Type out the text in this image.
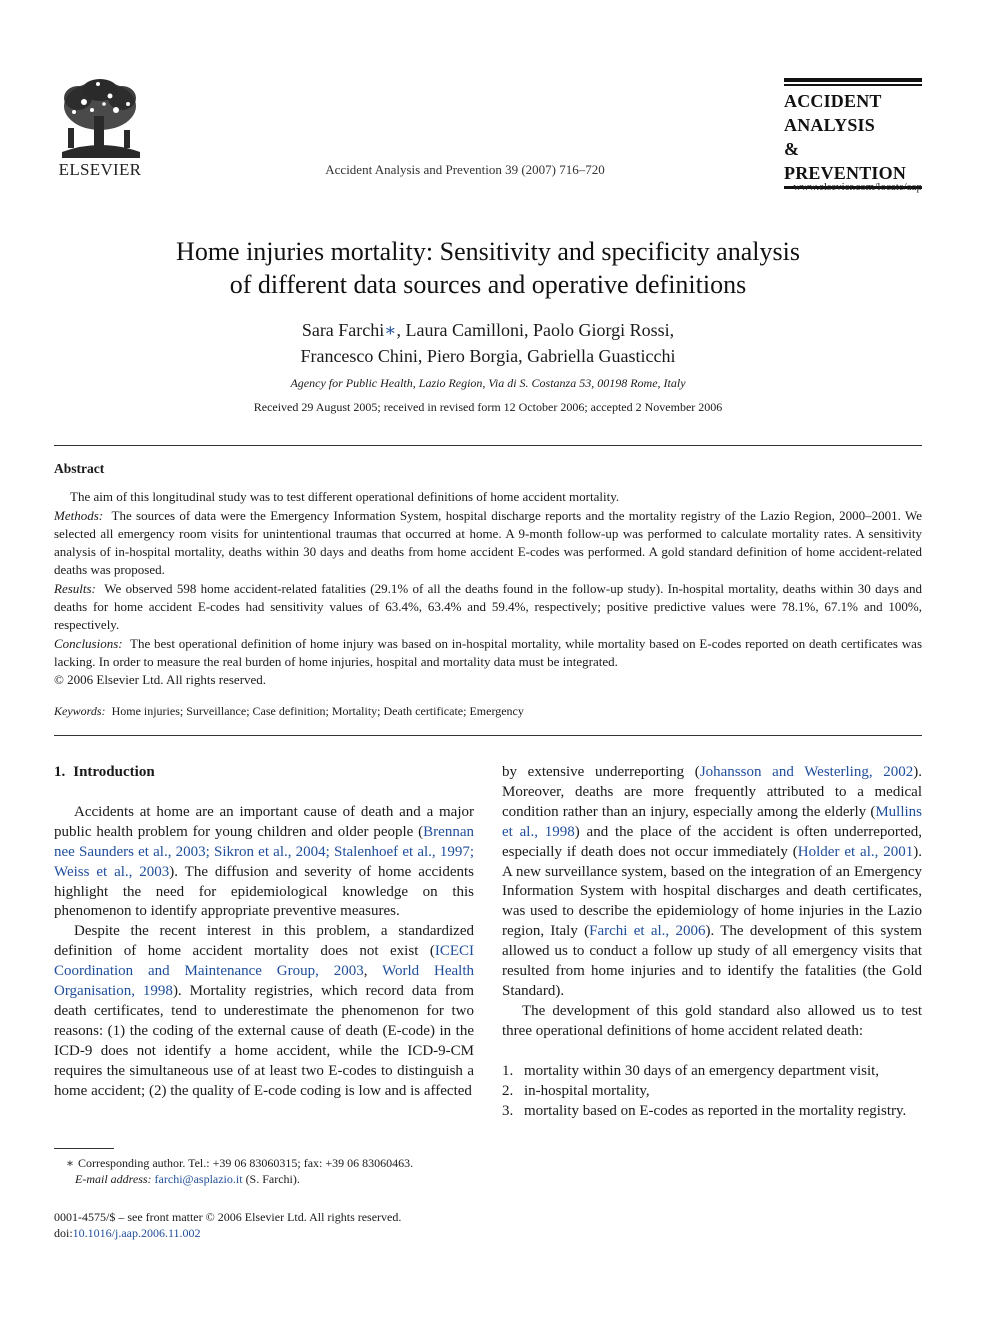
ELSEVIER	Accident Analysis and Prevention 39 (2007) 716–720
ACCIDENT
ANALYSIS
&
PREVENTION
www.elsevier.com/locate/aap
Home injuries mortality: Sensitivity and specificity analysis
of different data sources and operative definitions
Sara Farchi∗, Laura Camilloni, Paolo Giorgi Rossi,
Francesco Chini, Piero Borgia, Gabriella Guasticchi
Agency for Public Health, Lazio Region, Via di S. Costanza 53, 00198 Rome, Italy
Received 29 August 2005; received in revised form 12 October 2006; accepted 2 November 2006
Abstract

The aim of this longitudinal study was to test different operational definitions of home accident mortality.

Methods: The sources of data were the Emergency Information System, hospital discharge reports and the mortality registry of the Lazio Region, 2000–2001. We selected all emergency room visits for unintentional traumas that occurred at home. A 9-month follow-up was performed to calculate mortality rates. A sensitivity analysis of in-hospital mortality, deaths within 30 days and deaths from home accident E-codes was performed. A gold standard definition of home accident-related deaths was proposed.

Results: We observed 598 home accident-related fatalities (29.1% of all the deaths found in the follow-up study). In-hospital mortality, deaths within 30 days and deaths for home accident E-codes had sensitivity values of 63.4%, 63.4% and 59.4%, respectively; positive predictive values were 78.1%, 67.1% and 100%, respectively.

Conclusions: The best operational definition of home injury was based on in-hospital mortality, while mortality based on E-codes reported on death certificates was lacking. In order to measure the real burden of home injuries, hospital and mortality data must be integrated.

© 2006 Elsevier Ltd. All rights reserved.

Keywords: Home injuries; Surveillance; Case definition; Mortality; Death certificate; Emergency
1. Introduction

Accidents at home are an important cause of death and a major public health problem for young children and older people (Brennan nee Saunders et al., 2003; Sikron et al., 2004; Stalenhoef et al., 1997; Weiss et al., 2003). The diffusion and severity of home accidents highlight the need for epidemiological knowledge on this phenomenon to identify appropriate preventive measures.

Despite the recent interest in this problem, a standardized definition of home accident mortality does not exist (ICECI Coordination and Maintenance Group, 2003, World Health Organisation, 1998). Mortality registries, which record data from death certificates, tend to underestimate the phenomenon for two reasons: (1) the coding of the external cause of death (E-code) in the ICD-9 does not identify a home accident, while the ICD-9-CM requires the simultaneous use of at least two E-codes to distinguish a home accident; (2) the quality of E-code coding is low and is affected

∗ Corresponding author. Tel.: +39 06 83060315; fax: +39 06 83060463.
E-mail address: farchi@asplazio.it (S. Farchi).
0001-4575/$ – see front matter © 2006 Elsevier Ltd. All rights reserved.
doi:10.1016/j.aap.2006.11.002

by extensive underreporting (Johansson and Westerling, 2002). Moreover, deaths are more frequently attributed to a medical condition rather than an injury, especially among the elderly (Mullins et al., 1998) and the place of the accident is often underreported, especially if death does not occur immediately (Holder et al., 2001). A new surveillance system, based on the integration of an Emergency Information System with hospital discharges and death certificates, was used to describe the epidemiology of home injuries in the Lazio region, Italy (Farchi et al., 2006). The development of this system allowed us to conduct a follow up study of all emergency visits that resulted from home injuries and to identify the fatalities (the Gold Standard).

The development of this gold standard also allowed us to test three operational definitions of home accident related death:

1. mortality within 30 days of an emergency department visit,
2. in-hospital mortality,
3. mortality based on E-codes as reported in the mortality registry.
